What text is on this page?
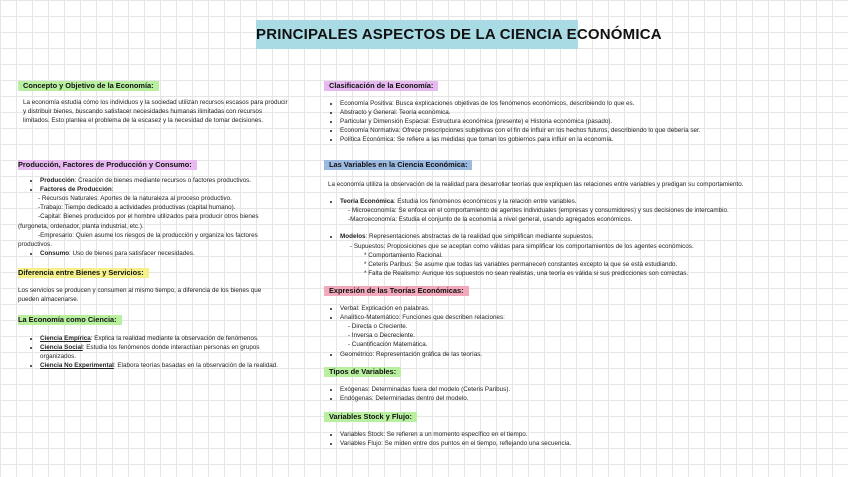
PRINCIPALES ASPECTOS DE LA CIENCIA ECONÓMICA
Concepto y Objetivo de la Economía:

La economía estudia cómo los individuos y la sociedad utilizan recursos escasos para producir y distribuir bienes, buscando satisfacer necesidades humanas ilimitadas con recursos limitados. Esto plantea el problema de la escasez y la necesidad de tomar decisiones.

Producción, Factores de Producción y Consumo:
• Producción: Creación de bienes mediante recursos o factores productivos.
• Factores de Producción:

- Recursos Naturales: Aportes de la naturaleza al proceso productivo.

-Trabajo: Tiempo dedicado a actividades productivas (capital humano).

-Capital: Bienes producidos por el hombre utilizados para producir otros bienes (furgoneta, ordenador, planta industrial, etc.).

-Empresario: Quien asume los riesgos de la producción y organiza los factores productivos.

• Consumo: Uso de bienes para satisfacer necesidades.
Diferencia entre Bienes y Servicios:

Los servicios se producen y consumen al mismo tiempo, a diferencia de los bienes que pueden almacenarse.

La Economía como Ciencia:
• Ciencia Empírica: Explica la realidad mediante la observación de fenómenos.
• Ciencia Social: Estudia los fenómenos donde interactúan personas en grupos organizados.
• Ciencia No Experimental: Elabora teorías basadas en la observación de la realidad.
Clasificación de la Economía:
• Economía Positiva: Busca explicaciones objetivas de los fenómenos económicos, describiendo lo que es.
• Abstracto y General: Teoría económica.
• Particular y Dimensión Espacial: Estructura económica (presente) e Historia económica (pasado).
• Economía Normativa: Ofrece prescripciones subjetivas con el fin de influir en los hechos futuros, describiendo lo que debería ser.
• Política Económica: Se refiere a las medidas que toman los gobiernos para influir en la economía.
Las Variables en la Ciencia Económica:

La economía utiliza la observación de la realidad para desarrollar teorías que expliquen las relaciones entre variables y predigan su comportamiento.

• Teoría Económica: Estudia los fenómenos económicos y la relación entre variables.

- Microeconomía: Se enfoca en el comportamiento de agentes individuales (empresas y consumidores) y sus decisiones de intercambio.

-Macroeconomía: Estudia el conjunto de la economía a nivel general, usando agregados económicos.

• Modelos: Representaciones abstractas de la realidad que simplifican mediante supuestos.

- Supuestos: Proposiciones que se aceptan como válidas para simplificar los comportamientos de los agentes económicos.

* Comportamiento Racional.

* Ceteris Paribus: Se asume que todas las variables permanecen constantes excepto la que se está estudiando.

* Falta de Realismo: Aunque los supuestos no sean realistas, una teoría es válida si sus predicciones son correctas.

Expresión de las Teorías Económicas:
• Verbal: Explicación en palabras.
• Analítico-Matemático: Funciones que describen relaciones:

- Directa o Creciente.

- Inversa o Decreciente.

- Cuantificación Matemática.

• Geométrico: Representación gráfica de las teorías.
Tipos de Variables:
• Exógenas: Determinadas fuera del modelo (Ceteris Paribus).
• Endógenas: Determinadas dentro del modelo.
Variables Stock y Flujo:
• Variables Stock: Se refieren a un momento específico en el tiempo.
• Variables Flujo: Se miden entre dos puntos en el tiempo, reflejando una secuencia.
